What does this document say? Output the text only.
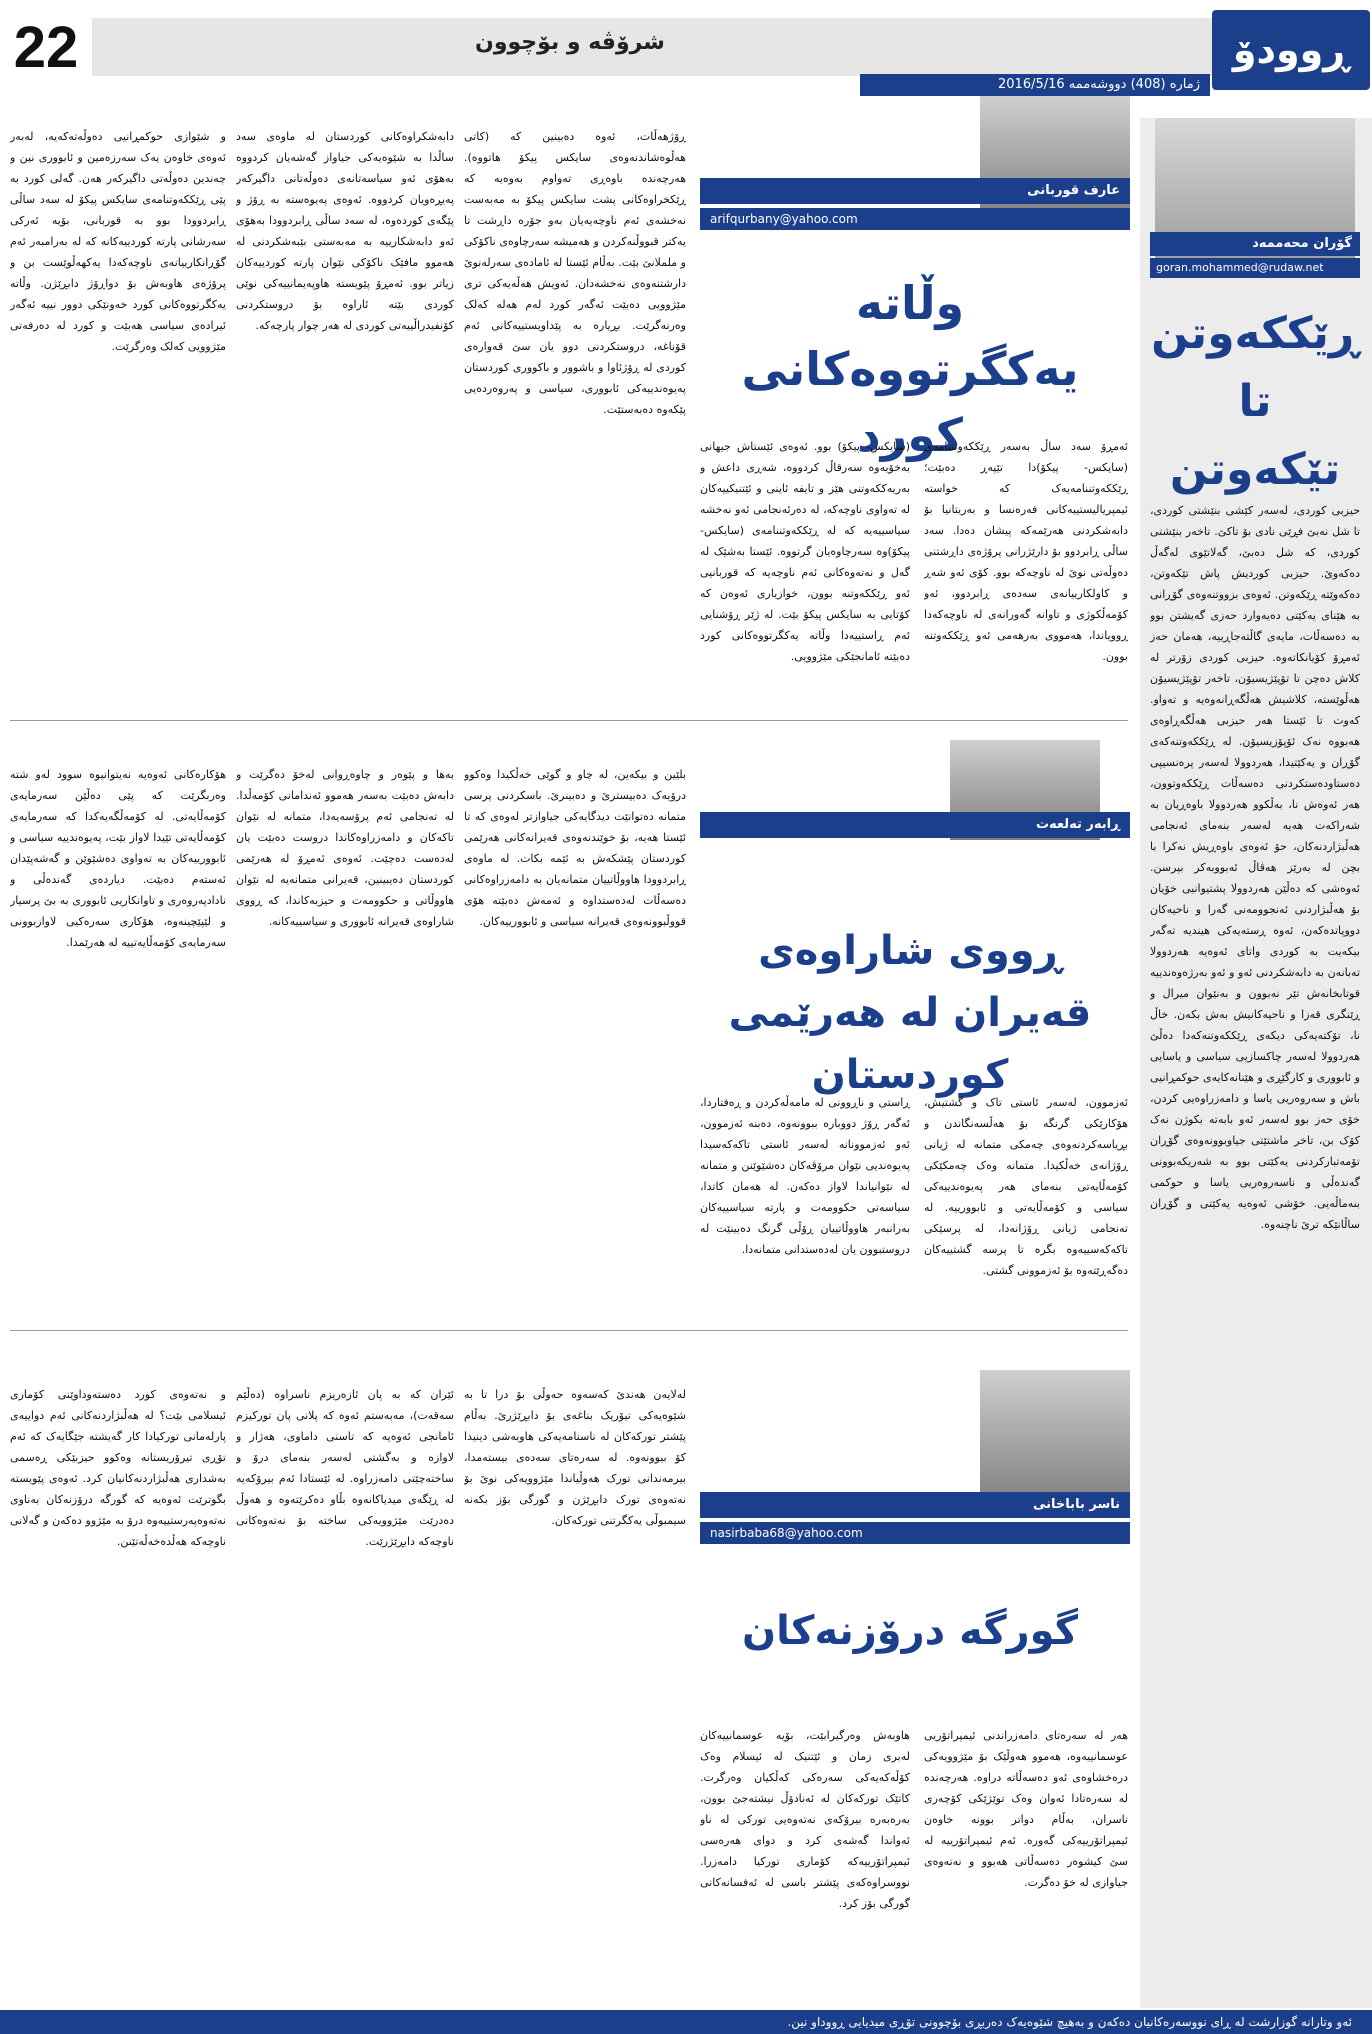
22	شرۆڤە و بۆچوون
ژمارە (408) دووشەممە 2016/5/16
ڕوودۆ
گۆران محەممەد
goran.mohammed@rudaw.net
ڕێککەوتن تا تێکەوتن
حیزبی کوردی، لەسەر کێشی بنێشتی کوردی، تا شل نەبێ فڕێی نادی بۆ تاکێ. تاخەر بنێشتی کوردی، کە شل دەبێ، گەلاتێوی لەگەڵ دەکەوێ. حیزبی کوردیش پاش تێکەوتن، دەکەوێتە ڕێکەوتن. ئەوەی بزووتنەوەی گۆڕانی بە هێنای یەکێتی دەیەوارد حەزی گەیشتن بوو بە دەسەڵات، مایەی گاڵتەجاڕییە، هەمان حەز ئەمڕۆ کۆیانکاتەوە. حیزبی کوردی زۆرتر لە کلاش دەچن تا تۆپێژیسیۆن، تاخەر تۆپێژیسیۆن هەڵوێستە، کلاشیش هەڵگەڕانەوەیە و تەواو. کەوت تا ئێستا هەر حیزبی هەڵگەڕاوەی هەبووە نەک ئۆپۆزیسیۆن. لە ڕێککەوتنەکەی گۆڕان و یەکێتیدا، هەردوولا لەسەر پرەنسیپی دەستاودەستکردنی دەسەڵات ڕێککەوتوون، هەر ئەوەش نا، بەڵکوو هەردوولا باوەڕیان بە شەراکەت هەیە لەسەر بنەمای ئەنجامی هەڵبژاردنەکان، حۆ ئەوەی باوەڕیش نەکرا با بچن لە بەرێز هەڤاڵ ئەبووبەکر بپرسن. ئەوەشی کە دەڵێن هەردوولا پشتیوانیی خۆیان بۆ هەڵبژاردنی ئەنجوومەنی گەرا و ناحیەکان دووپاتدەکەن، ئەوە ڕستەیەکی هیندیە تەگەر بیکەیت بە کوردی واتای ئەوەیە هەردوولا تەبانەن بە دابەشکردنی ئەو و ئەو بەرژەوەندییە قوتابخانەش تێر نەبوون و بەنێوان میرال و ڕێنگری قەزا و ناحیەکانیش بەش بکەن. خاڵ نا، تۆکتەیەکی دیکەی ڕێککەوتنەکەدا دەڵێ هەردوولا لەسەر چاکسازیی سیاسی و یاسایی و ئابووری و کارگێڕی و هێنانەکایەی حوکمڕانیی باش و سەروەریی یاسا و دامەزراوەیی کردن، خۆی حەز بوو لەسەر ئەو بابەتە بکوژن نەک کۆک بن، تاخر ماشتێتی جیاوبوونەوەی گۆڕان تۆمەتبارکردنی یەکێتی بوو بە شەریکەبوونی گەندەڵی و ناسەروەریی یاسا و حوکمی بنەماڵەیی. خۆشی ئەوەیە یەکێتی و گۆڕان ساڵانێکە ترێ ناچنەوە.
عارف قوربانی
arifqurbany@yahoo.com
وڵاتە یەکگرتووەکانی کورد
ئەمڕۆ سەد ساڵ بەسەر ڕێککەوتننامەی (سایکس- پیکۆ)دا تێپەڕ دەبێت؛ ڕێککەوتننامەیەک کە خواستە ئیمپریالیستییەکانی فەرەنسا و بەریتانیا بۆ دابەشکردنی هەرێمەکە پیشان دەدا. سەد ساڵی ڕابردوو بۆ دارێژرانی پرۆژەی داڕشتنی دەوڵەتی نوێ لە ناوچەکە بوو. کۆی ئەو شەڕ و کاولکارییانەی سەدەی ڕابردوو، ئەو کۆمەڵکوژی و تاوانە گەورانەی لە ناوچەکەدا ڕوویاندا، هەمووی بەرهەمی ئەو ڕێککەوتنە بوون.
(سایکس- پیکۆ) بوو. ئەوەی ئێستاش جیهانی بەخۆیەوە سەرقاڵ کردووە، شەڕی داعش و بەریەککەوتنی هێز و تایفە ئاینی و ئێتنیکییەکان لە تەواوی ناوچەکە، لە دەرئەنجامی ئەو نەخشە سیاسییەیە کە لە ڕێککەوتننامەی (سایکس- پیکۆ)وە سەرچاوەیان گرتووە. ئێستا بەشێک لە گەل و نەتەوەکانی ئەم ناوچەیە کە قوربانیی ئەو ڕێککەوتنە بوون، خوازیاری ئەوەن کە کۆتایی بە سایکس پیکۆ بێت. لە ژێر ڕۆشنایی ئەم ڕاستییەدا وڵاتە یەکگرتووەکانی کورد دەبێتە ئامانجێکی مێژوویی.
ڕۆژهەڵات، ئەوە دەبینین کە (کاتی هەڵوەشاندنەوەی سایکس پیکۆ هاتووە). هەرچەندە باوەڕی تەواوم بەوەیە کە ڕێکخراوەکانی پشت سایکس پیکۆ بە مەبەست نەخشەی ئەم ناوچەیەیان بەو جۆرە داڕشت تا یەکتر قبووڵنەکردن و هەمیشە سەرچاوەی ناکۆکی و ململانێ بێت. بەڵام ئێستا لە ئامادەی سەرلەنوێ دارشتنەوەی نەخشەدان. ئەویش هەڵەیەکی تری مێژوویی دەبێت ئەگەر کورد لەم هەلە کەلک وەرنەگرێت. بڕیارە بە پێداویستییەکانی ئەم قۆناغە، دروستکردنی دوو یان سێ قەوارەی کوردی لە ڕۆژئاوا و باشوور و باکووری کوردستان پەیوەندییەکی ئابووری، سیاسی و پەروەردەیی پێکەوە دەبەستێت.
دابەشکراوەکانی کوردستان لە ماوەی سەد ساڵدا بە شێوەیەکی جیاواز گەشەیان کردووە بەهۆی ئەو سیاسەتانەی دەوڵەتانی داگیرکەر پەیڕەویان کردووە. ئەوەی پەیوەستە بە ڕۆژ و پێگەی کوردەوە، لە سەد ساڵی ڕابردوودا بەهۆی ئەو دابەشکارییە بە مەبەستی بێبەشکردنی لە هەموو مافێک ناکۆکی نێوان پارتە کوردییەکان زیاتر بوو. ئەمڕۆ پێویستە هاوپەیمانییەکی نوێی کوردی بێتە ئاراوە بۆ دروستکردنی کۆنفیدراڵییەتی کوردی لە هەر چوار پارچەکە.
و شێوازی حوکمڕانیی دەوڵەتەکەیە، لەبەر ئەوەی خاوەن یەک سەرزەمین و ئابووری نین و چەندین دەوڵەتی داگیرکەر هەن. گەلی کورد بە پێی ڕێککەوتنامەی سایکس پیکۆ لە سەد ساڵی ڕابردوودا بوو بە قوربانی، بۆیە ئەرکی سەرشانی پارتە کوردییەکانە کە لە بەرامبەر ئەم گۆڕانکارییانەی ناوچەکەدا یەکهەڵوێست بن و پرۆژەی هاوبەش بۆ دواڕۆژ دابڕێژن. وڵاتە یەکگرتووەکانی کورد خەونێکی دوور نییە ئەگەر ئیرادەی سیاسی هەبێت و کورد لە دەرفەتی مێژوویی کەلک وەرگرێت.
ڕابەر تەلعەت
ڕووی شاراوەی قەیران لە هەرێمی کوردستان
ئەزموون، لەسەر ئاستی تاک و گشتیش، هۆکارێکی گرنگە بۆ هەڵسەنگاندن و بڕیاسەکردنەوەی چەمکی متمانە لە ژیانی ڕۆژانەی خەڵکیدا. متمانە وەک چەمکێکی کۆمەڵایەتی بنەمای هەر پەیوەندییەکی سیاسی و کۆمەڵایەتی و ئابوورییە. لە تەنجامی ژیانی ڕۆژانەدا، لە پرسێکی تاکەکەسییەوە بگرە تا پرسە گشتییەکان دەگەڕێتەوە بۆ ئەزموونی گشتی.
ڕاستی و ناڕوونی لە مامەڵەکردن و ڕەفتاردا، ئەگەر ڕۆژ دووبارە ببوونەوە، دەبنە ئەزموون، ئەو ئەزموونانە لەسەر ئاستی تاکەکەسیدا پەیوەندیی نێوان مرۆڤەکان دەشێوێنن و متمانە لە نێوانیاندا لاواز دەکەن. لە هەمان کاتدا، سیاسەتی حکوومەت و پارتە سیاسییەکان بەرانبەر هاووڵاتییان ڕۆڵی گرنگ دەبینێت لە دروستبوون یان لەدەستدانی متمانەدا.
بلێین و بیکەین، لە چاو و گوێی خەڵکیدا وەکوو درۆیەک دەبیسترێ و دەبینرێ. باسکردنی پرسی متمانە دەتوانێت دیدگایەکی جیاوازتر لەوەی کە تا ئێستا هەیە، بۆ خوێندنەوەی قەیرانەکانی هەرێمی کوردستان پێشکەش بە ئێمە بکات. لە ماوەی ڕابردوودا هاووڵاتییان متمانەیان بە دامەزراوەکانی دەسەڵات لەدەستداوە و ئەمەش دەبێتە هۆی قووڵبوونەوەی قەیرانە سیاسی و ئابوورییەکان.
بەها و پێوەر و چاوەڕوانی لەخۆ دەگرێت و دابەش دەبێت بەسەر هەموو ئەندامانی کۆمەڵدا. لە تەنجامی ئەم پرۆسەیەدا، متمانە لە نێوان تاکەکان و دامەزراوەکاندا دروست دەبێت یان لەدەست دەچێت. ئەوەی ئەمڕۆ لە هەرێمی کوردستان دەیبینین، قەیرانی متمانەیە لە نێوان هاووڵاتی و حکوومەت و حیزبەکاندا، کە ڕووی شاراوەی قەیرانە ئابووری و سیاسییەکانە.
هۆکارەکانی ئەوەیە نەیتوانیوە سوود لەو شتە وەربگرێت کە پێی دەڵێن سەرمایەی کۆمەڵایەتی. لە کۆمەڵگەیەکدا کە سەرمایەی کۆمەڵایەتی تێیدا لاواز بێت، پەیوەندییە سیاسی و ئابوورییەکان بە تەواوی دەشێوێن و گەشەپێدان ئەستەم دەبێت. دیاردەی گەندەڵی و نادادپەروەری و تاوانکاریی ئابووری بە بێ پرسیار و لێپێچینەوە، هۆکاری سەرەکیی لاوازبوونی سەرمایەی کۆمەڵایەتییە لە هەرێمدا.
ناسر باباخانی
nasirbaba68@yahoo.com
گورگە درۆزنەکان
هەر لە سەرەتای دامەزراندنی ئیمپراتۆریی عوسمانییەوە، هەموو هەوڵێک بۆ مێژوویەکی درەخشاوەی ئەو دەسەڵاتە دراوە. هەرچەندە لە سەرەتادا ئەوان وەک توێژێکی کۆچەری ناسران، بەڵام دواتر بوونە خاوەن ئیمپراتۆرییەکی گەورە. ئەم ئیمپراتۆرییە لە سێ کیشوەر دەسەڵاتی هەبوو و نەتەوەی جیاوازی لە خۆ دەگرت.
هاوبەش وەرگیرابێت، بۆیە عوسمانییەکان لەبری زمان و ئێتنیک لە ئیسلام وەک کۆڵەکەیەکی سەرەکی کەڵکیان وەرگرت. کاتێک تورکەکان لە ئەنادۆڵ نیشتەجێ بوون، بەرەبەرە بیرۆکەی نەتەوەیی تورکی لە ناو ئەواندا گەشەی کرد و دوای هەرەسی ئیمپراتۆرییەکە کۆماری تورکیا دامەزرا. نووسراوەکەی پێشتر باسی لە ئەفسانەکانی گورگی بۆز کرد.
لەلایەن هەندێ کەسەوە حەوڵی بۆ درا تا بە شێوەیەکی تیۆریک بناغەی بۆ دابڕێژرێ. بەڵام پێشتر تورکەکان لە ناسنامەیەکی هاوبەشی دینیدا کۆ ببوونەوە. لە سەرەتای سەدەی بیستەمدا، بیرمەندانی تورک هەوڵیاندا مێژوویەکی نوێ بۆ نەتەوەی تورک دابڕێژن و گورگی بۆز بکەنە سیمبوڵی یەکگرتنی تورکەکان.
ئێران کە بە پان ئازەریزم ناسراوە (دەڵێم سەقەت)، مەبەستم ئەوە کە پلانی پان تورکیزم ئامانجی ئەوەیە کە تاسنی داماوی، هەژار و لاوازە و بەگشتی لەسەر بنەمای درۆ و ساختەچێتی دامەزراوە. لە ئێستادا ئەم بیرۆکەیە لە ڕێگەی میدیاکانەوە بڵاو دەکرێتەوە و هەوڵ دەدرێت مێژوویەکی ساختە بۆ نەتەوەکانی ناوچەکە دابڕێژرێت.
و نەتەوەی کورد دەستەوداوێنی کۆماری ئیسلامی بێت؟ لە هەڵبژاردنەکانی ئەم دواییەی پارلەمانی تورکیادا کار گەیشتە جێگایەک کە ئەم تۆڕی تیرۆریستانە وەکوو حیزبێکی ڕەسمی بەشداری هەڵبژاردنەکانیان کرد. ئەوەی پێویستە بگوترێت ئەوەیە کە گورگە درۆزنەکان بەناوی نەتەوەپەرستییەوە درۆ بە مێژوو دەکەن و گەلانی ناوچەکە هەڵدەخەڵەتێنن.
ئەو وتارانە گوزارشت لە ڕای نووسەرەکانیان دەکەن و بەهیچ شێوەیەک دەربڕی بۆچوونی تۆڕی میدیایی ڕووداو نین.
